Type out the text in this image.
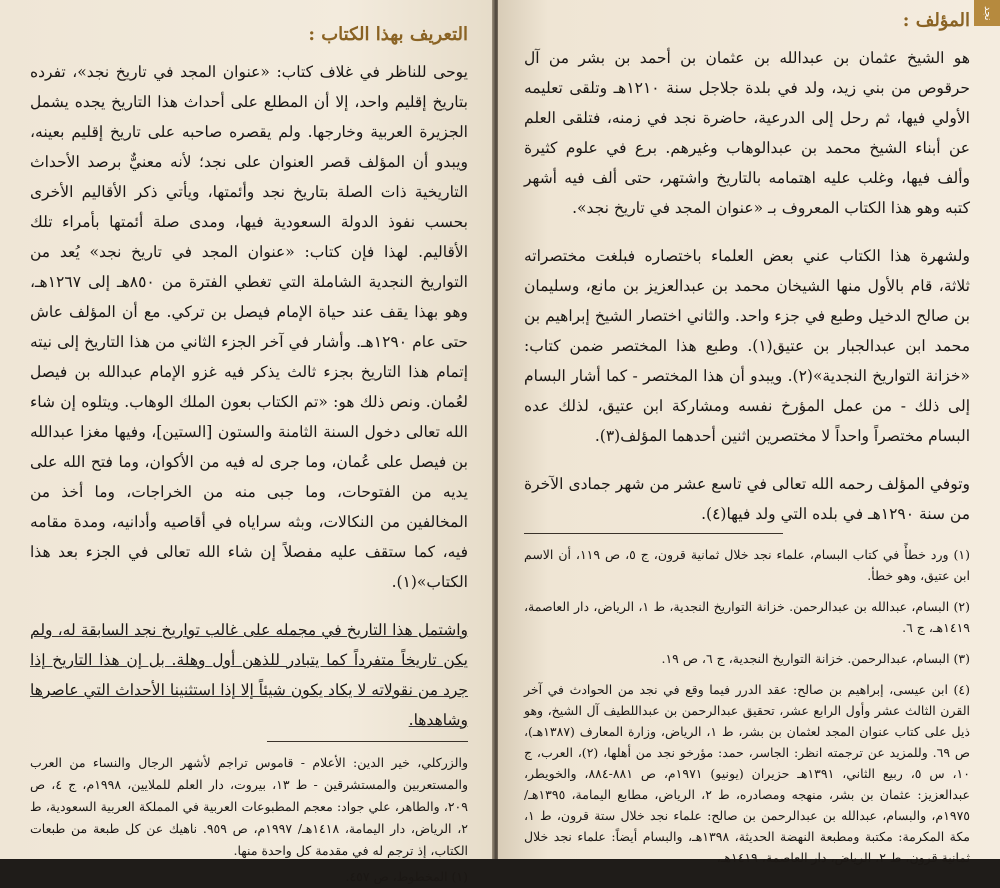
التعريف بهذا الكتاب :

يوحى للناظر في غلاف كتاب: «عنوان المجد في تاريخ نجد»، تفرده بتاريخ إقليم واحد، إلا أن المطلع على أحداث هذا التاريخ يجده يشمل الجزيرة العربية وخارجها. ولم يقصره صاحبه على تاريخ إقليم بعينه، ويبدو أن المؤلف قصر العنوان على نجد؛ لأنه معنيٌّ برصد الأحداث التاريخية ذات الصلة بتاريخ نجد وأئمتها، ويأتي ذكر الأقاليم الأخرى بحسب نفوذ الدولة السعودية فيها، ومدى صلة أئمتها بأمراء تلك الأقاليم. لهذا فإن كتاب: «عنوان المجد في تاريخ نجد» يُعد من التواريخ النجدية الشاملة التي تغطي الفترة من ٨٥٠هـ إلى ١٢٦٧هـ، وهو بهذا يقف عند حياة الإمام فيصل بن تركي. مع أن المؤلف عاش حتى عام ١٢٩٠هـ. وأشار في آخر الجزء الثاني من هذا التاريخ إلى نيته إتمام هذا التاريخ بجزء ثالث يذكر فيه غزو الإمام عبدالله بن فيصل لعُمان. ونص ذلك هو: «تم الكتاب بعون الملك الوهاب. ويتلوه إن شاء الله تعالى دخول السنة الثامنة والستون [الستين]، وفيها مغزا عبدالله بن فيصل على عُمان، وما جرى له فيه من الأكوان، وما فتح الله على يديه من الفتوحات، وما جبى منه من الخراجات، وما أخذ من المخالفين من النكالات، وبثه سراياه في أقاصيه وأدانيه، ومدة مقامه فيه، كما ستقف عليه مفصلاً إن شاء الله تعالى في الجزء بعد هذا الكتاب»(١).

واشتمل هذا التاريخ في مجمله على غالب تواريخ نجد السابقة له، ولم يكن تاريخاً متفرداً كما يتبادر للذهن أول وهلة. بل إن هذا التاريخ إذا جرد من نقولاته لا يكاد يكون شيئاً إلا إذا استثنينا الأحداث التي عاصرها وشاهدها.

والزركلي، خير الدين: الأعلام - قاموس تراجم لأشهر الرجال والنساء من العرب والمستعربين والمستشرقين - ط ١٣، بيروت، دار العلم للملايين، ١٩٩٨م، ج ٤، ص ٢٠٩، والطاهر، علي جواد: معجم المطبوعات العربية في المملكة العربية السعودية، ط ٢، الرياض، دار اليمامة، ١٤١٨هـ/ ١٩٩٧م، ص ٩٥٩. ناهيك عن كل طبعة من طبعات الكتاب، إذ ترجم له في مقدمة كل واحدة منها.
(١) المخطوط، ص ٤٥٧.
نجد
المؤلف :

هو الشيخ عثمان بن عبدالله بن عثمان بن أحمد بن بشر من آل حرقوص من بني زيد، ولد في بلدة جلاجل سنة ١٢١٠هـ وتلقى تعليمه الأولي فيها، ثم رحل إلى الدرعية، حاضرة نجد في زمنه، فتلقى العلم عن أبناء الشيخ محمد بن عبدالوهاب وغيرهم. برع في علوم كثيرة وألف فيها، وغلب عليه اهتمامه بالتاريخ واشتهر، حتى ألف فيه أشهر كتبه وهو هذا الكتاب المعروف بـ «عنوان المجد في تاريخ نجد».

ولشهرة هذا الكتاب عني بعض العلماء باختصاره فبلغت مختصراته ثلاثة، قام بالأول منها الشيخان محمد بن عبدالعزيز بن مانع، وسليمان بن صالح الدخيل وطبع في جزء واحد. والثاني اختصار الشيخ إبراهيم بن محمد ابن عبدالجبار بن عتيق(١). وطبع هذا المختصر ضمن كتاب: «خزانة التواريخ النجدية»(٢). ويبدو أن هذا المختصر - كما أشار البسام إلى ذلك - من عمل المؤرخ نفسه ومشاركة ابن عتيق، لذلك عده البسام مختصراً واحداً لا مختصرين اثنين أحدهما المؤلف(٣).

وتوفي المؤلف رحمه الله تعالى في تاسع عشر من شهر جمادى الآخرة من سنة ١٢٩٠هـ في بلده التي ولد فيها(٤).

(١) ورد خطأً في كتاب البسام، علماء نجد خلال ثمانية قرون، ج ٥، ص ١١٩، أن الاسم ابن عتيق، وهو خطأ.
(٢) البسام، عبدالله بن عبدالرحمن. خزانة التواريخ النجدية، ط ١، الرياض، دار العاصمة، ١٤١٩هـ، ج ٦.
(٣) البسام، عبدالرحمن. خزانة التواريخ النجدية، ج ٦، ص ١٩.
(٤) ابن عيسى، إبراهيم بن صالح: عقد الدرر فيما وقع في نجد من الحوادث في آخر القرن الثالث عشر وأول الرابع عشر، تحقيق عبدالرحمن بن عبداللطيف آل الشيخ، وهو ذيل على كتاب عنوان المجد لعثمان بن بشر، ط ١، الرياض، وزارة المعارف (١٣٨٧هـ)، ص ٦٩. وللمزيد عن ترجمته انظر: الجاسر، حمد: مؤرخو نجد من أهلها، (٢)، العرب، ج ١٠، س ٥، ربيع الثاني، ١٣٩١هـ حزيران (يونيو) ١٩٧١م، ص ٨٨١-٨٨٤، والخويطر، عبدالعزيز: عثمان بن بشر، منهجه ومصادره، ط ٢، الرياض، مطابع اليمامة، ١٣٩٥هـ/ ١٩٧٥م، والبسام، عبدالله بن عبدالرحمن بن صالح: علماء نجد خلال ستة قرون، ط ١، مكة المكرمة: مكتبة ومطبعة النهضة الحديثة، ١٣٩٨هـ، والبسام أيضاً: علماء نجد خلال ثمانية قرون، ط ٢، الرياض، دار العاصمة، ١٤١٩هـ،
